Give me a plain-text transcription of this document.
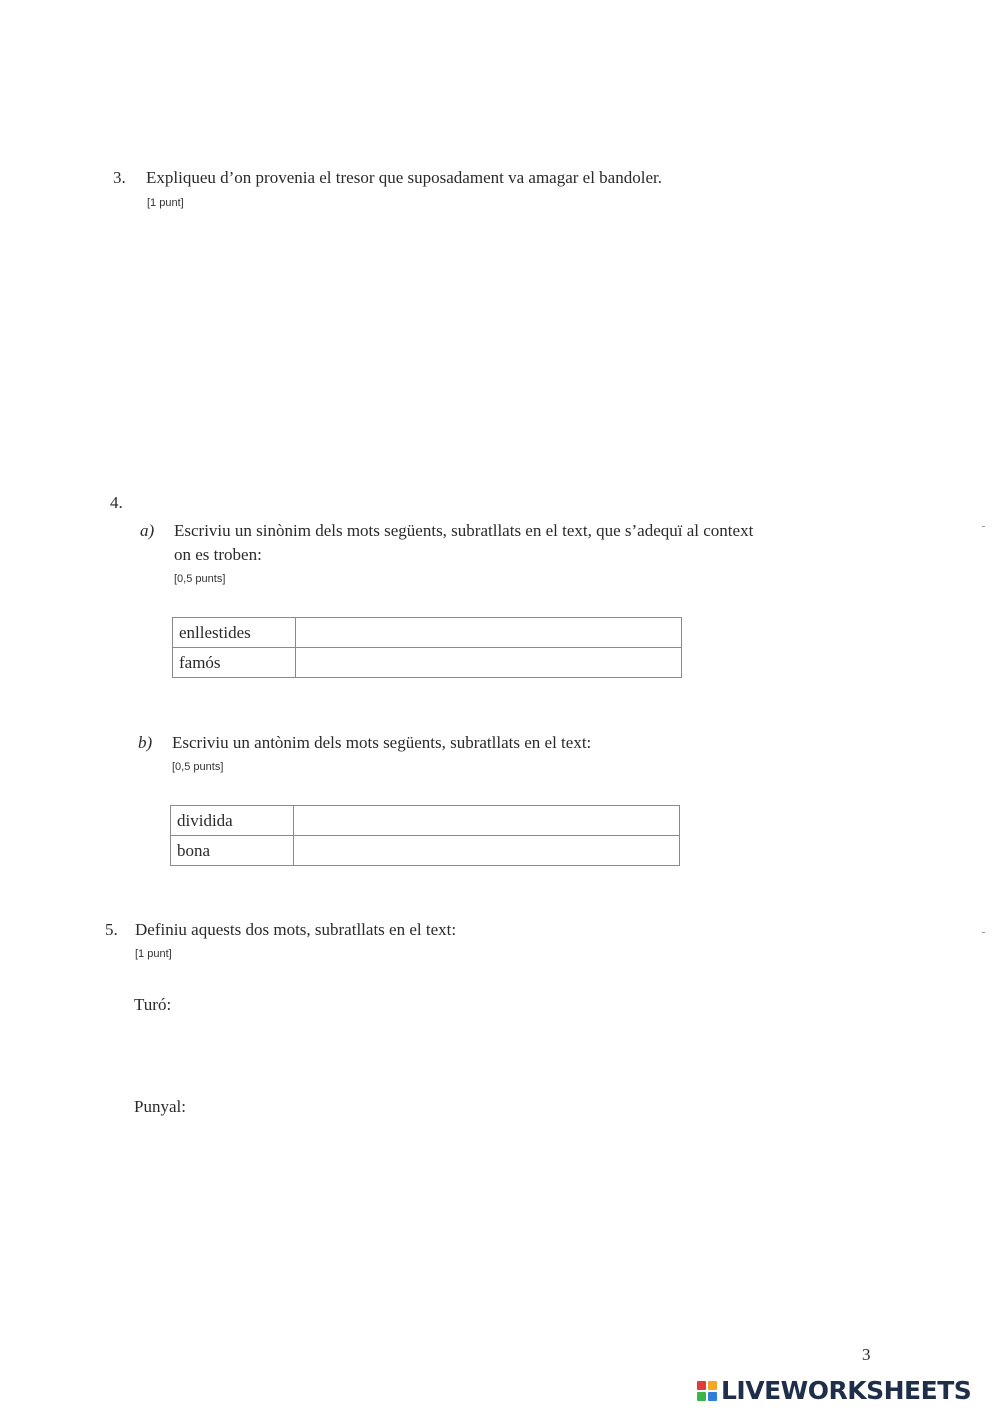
3. Expliqueu d’on provenia el tresor que suposadament va amagar el bandoler.
[1 punt]
4.
a) Escriviu un sinònim dels mots següents, subratllats en el text, que s’adequï al context
on es troben:
[0,5 punts]
enllestides	
famós	
b) Escriviu un antònim dels mots següents, subratllats en el text:
[0,5 punts]
dividida	
bona	
5. Definiu aquests dos mots, subratllats en el text:
[1 punt]
Turó:
Punyal:
3
LIVEWORKSHEETS
